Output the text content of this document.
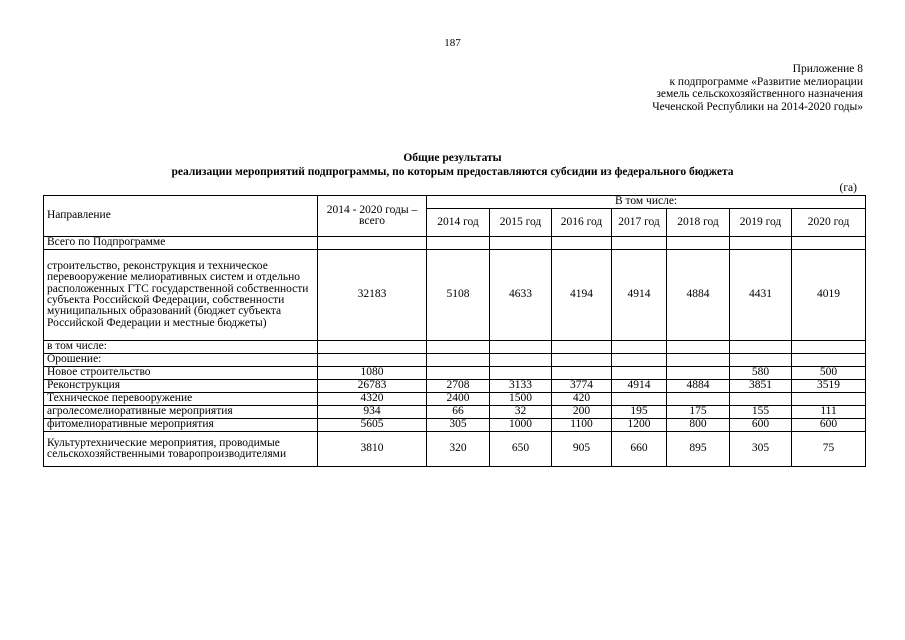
187
Приложение 8
к подпрограмме «Развитие мелиорации
земель сельскохозяйственного назначения
Чеченской Республики на 2014-2020 годы»
Общие результаты
реализации мероприятий подпрограммы, по которым предоставляются субсидии из федерального бюджета
(га)
Направление	2014 - 2020 годы – всего	В том числе:						
		2014 год	2015 год	2016 год	2017 год	2018 год	2019 год	2020 год
Всего по Подпрограмме								
строительство, реконструкция и техническое перевооружение мелиоративных систем и отдельно расположенных ГТС государственной собственности субъекта Российской Федерации, собственности муниципальных образований (бюджет субъекта Российской Федерации и местные бюджеты)	32183	5108	4633	4194	4914	4884	4431	4019
в том числе:								
Орошение:								
Новое строительство	1080						580	500
Реконструкция	26783	2708	3133	3774	4914	4884	3851	3519
Техническое перевооружение	4320	2400	1500	420				
агролесомелиоративные мероприятия	934	66	32	200	195	175	155	111
фитомелиоративные мероприятия	5605	305	1000	1100	1200	800	600	600
Культуртехнические мероприятия, проводимые сельскохозяйственными товаропроизводителями	3810	320	650	905	660	895	305	75
